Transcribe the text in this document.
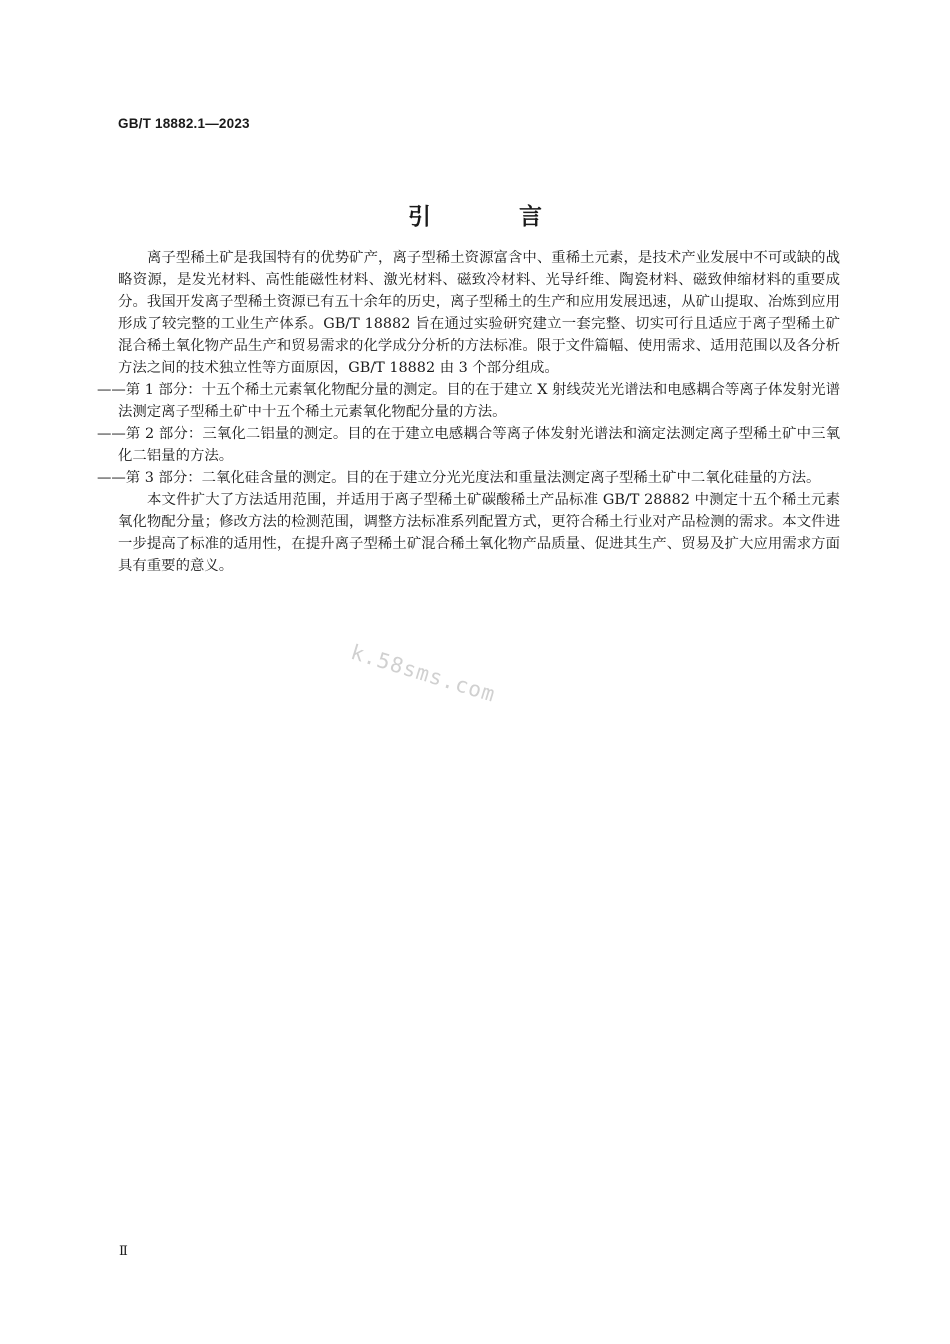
GB/T 18882.1—2023
引 言

离子型稀土矿是我国特有的优势矿产，离子型稀土资源富含中、重稀土元素，是技术产业发展中不可或缺的战略资源，是发光材料、高性能磁性材料、激光材料、磁致冷材料、光导纤维、陶瓷材料、磁致伸缩材料的重要成分。我国开发离子型稀土资源已有五十余年的历史，离子型稀土的生产和应用发展迅速，从矿山提取、冶炼到应用形成了较完整的工业生产体系。GB/T 18882 旨在通过实验研究建立一套完整、切实可行且适应于离子型稀土矿混合稀土氧化物产品生产和贸易需求的化学成分分析的方法标准。限于文件篇幅、使用需求、适用范围以及各分析方法之间的技术独立性等方面原因，GB/T 18882 由 3 个部分组成。

——第 1 部分：十五个稀土元素氧化物配分量的测定。目的在于建立 X 射线荧光光谱法和电感耦合等离子体发射光谱法测定离子型稀土矿中十五个稀土元素氧化物配分量的方法。

——第 2 部分：三氧化二铝量的测定。目的在于建立电感耦合等离子体发射光谱法和滴定法测定离子型稀土矿中三氧化二铝量的方法。

——第 3 部分：二氧化硅含量的测定。目的在于建立分光光度法和重量法测定离子型稀土矿中二氧化硅量的方法。

本文件扩大了方法适用范围，并适用于离子型稀土矿碳酸稀土产品标准 GB/T 28882 中测定十五个稀土元素氧化物配分量；修改方法的检测范围，调整方法标准系列配置方式，更符合稀土行业对产品检测的需求。本文件进一步提高了标准的适用性，在提升离子型稀土矿混合稀土氧化物产品质量、促进其生产、贸易及扩大应用需求方面具有重要的意义。

k.58sms.com
Ⅱ
